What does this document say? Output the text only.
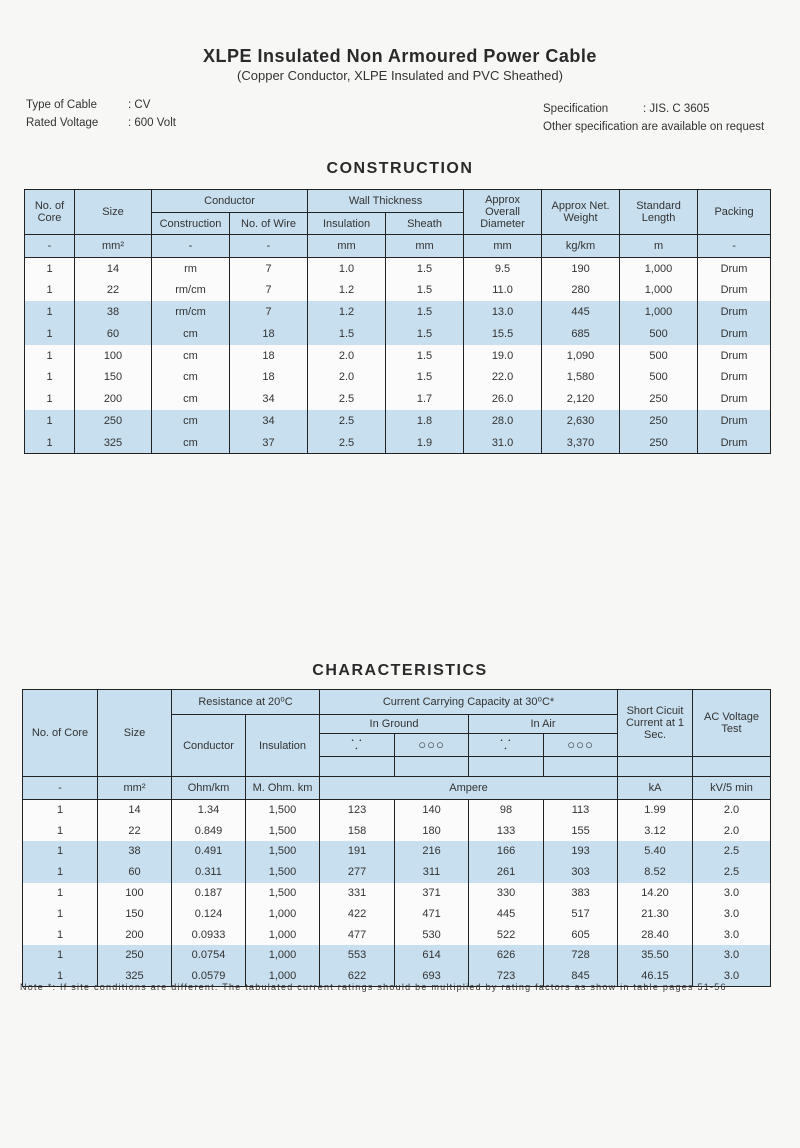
XLPE Insulated Non Armoured Power Cable
(Copper Conductor, XLPE Insulated and PVC Sheathed)
Type of Cable	: CV
Rated Voltage	: 600 Volt
Specification	: JIS. C 3605
Other specification are available on request
CONSTRUCTION
No. of Core	Size	Conductor		Wall Thickness		Approx Overall Diameter	Approx Net. Weight	Standard Length	Packing
		Construction	No. of Wire	Insulation	Sheath				
-	mm²	-	-	mm	mm	mm	kg/km	m	-
1	14	rm	7	1.0	1.5	9.5	190	1,000	Drum
1	22	rm/cm	7	1.2	1.5	11.0	280	1,000	Drum
1	38	rm/cm	7	1.2	1.5	13.0	445	1,000	Drum
1	60	cm	18	1.5	1.5	15.5	685	500	Drum
1	100	cm	18	2.0	1.5	19.0	1,090	500	Drum
1	150	cm	18	2.0	1.5	22.0	1,580	500	Drum
1	200	cm	34	2.5	1.7	26.0	2,120	250	Drum
1	250	cm	34	2.5	1.8	28.0	2,630	250	Drum
1	325	cm	37	2.5	1.9	31.0	3,370	250	Drum
CHARACTERISTICS
No. of Core	Size	Resistance at 20⁰C		Current Carrying Capacity at 30⁰C*				Short Cicuit Current at 1 Sec.	AC Voltage Test
		Conductor	Insulation	In Ground		In Air			
				⸪	○○○	⸪	○○○		

-	mm²	Ohm/km	M. Ohm. km	Ampere				kA	kV/5 min
1	14	1.34	1,500	123	140	98	113	1.99	2.0
1	22	0.849	1,500	158	180	133	155	3.12	2.0
1	38	0.491	1,500	191	216	166	193	5.40	2.5
1	60	0.311	1,500	277	311	261	303	8.52	2.5
1	100	0.187	1,500	331	371	330	383	14.20	3.0
1	150	0.124	1,000	422	471	445	517	21.30	3.0
1	200	0.0933	1,000	477	530	522	605	28.40	3.0
1	250	0.0754	1,000	553	614	626	728	35.50	3.0
1	325	0.0579	1,000	622	693	723	845	46.15	3.0
Note *: If site conditions are different. The tabulated current ratings should be multiplied by rating factors as show in table pages 51-56
